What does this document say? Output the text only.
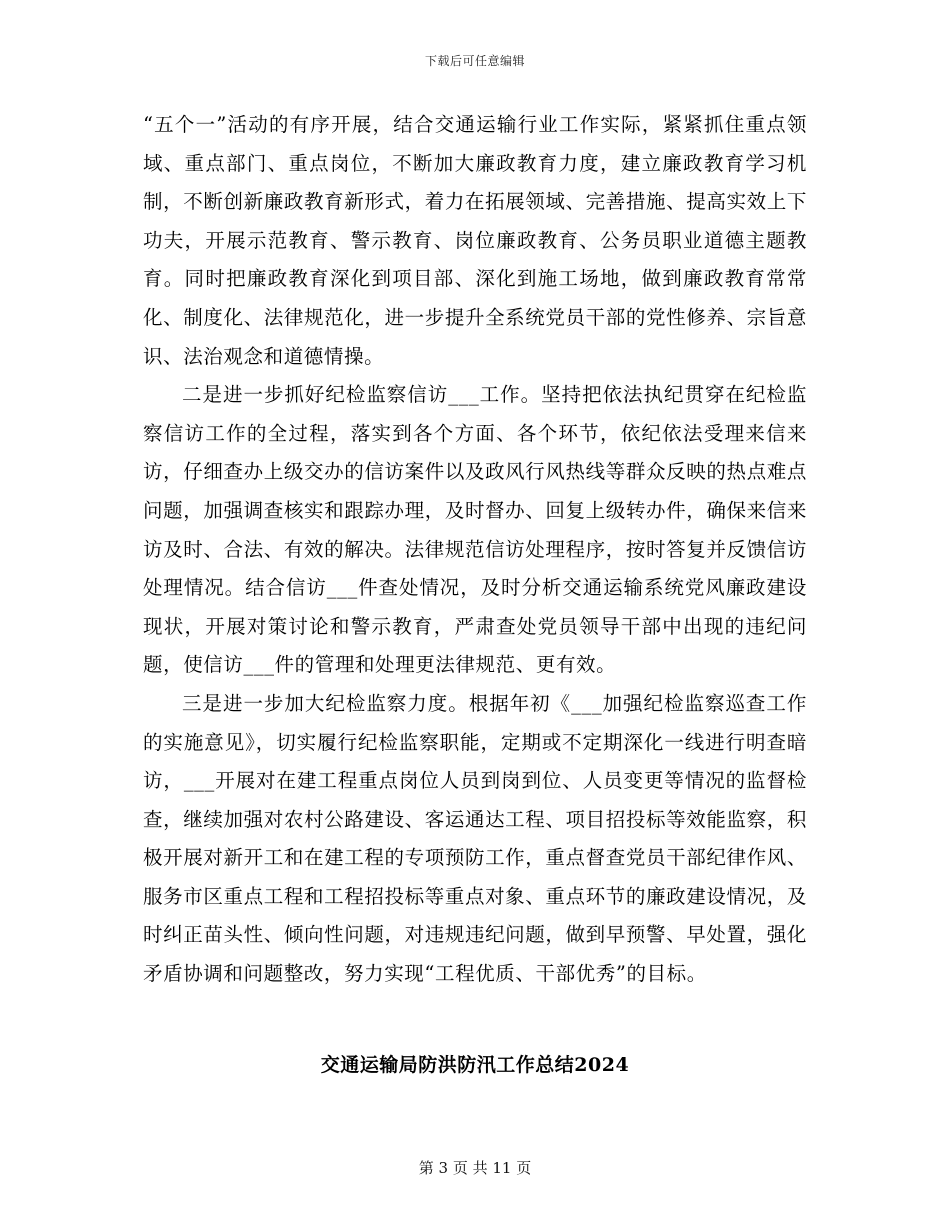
下载后可任意编辑

“五个一”活动的有序开展，结合交通运输行业工作实际，紧紧抓住重点领域、重点部门、重点岗位，不断加大廉政教育力度，建立廉政教育学习机制，不断创新廉政教育新形式，着力在拓展领域、完善措施、提高实效上下功夫，开展示范教育、警示教育、岗位廉政教育、公务员职业道德主题教育。同时把廉政教育深化到项目部、深化到施工场地，做到廉政教育常常化、制度化、法律规范化，进一步提升全系统党员干部的党性修养、宗旨意识、法治观念和道德情操。

二是进一步抓好纪检监察信访___工作。坚持把依法执纪贯穿在纪检监察信访工作的全过程，落实到各个方面、各个环节，依纪依法受理来信来访，仔细查办上级交办的信访案件以及政风行风热线等群众反映的热点难点问题，加强调查核实和跟踪办理，及时督办、回复上级转办件，确保来信来访及时、合法、有效的解决。法律规范信访处理程序，按时答复并反馈信访处理情况。结合信访___件查处情况，及时分析交通运输系统党风廉政建设现状，开展对策讨论和警示教育，严肃查处党员领导干部中出现的违纪问题，使信访___件的管理和处理更法律规范、更有效。

三是进一步加大纪检监察力度。根据年初《___加强纪检监察巡查工作的实施意见》，切实履行纪检监察职能，定期或不定期深化一线进行明查暗访，___开展对在建工程重点岗位人员到岗到位、人员变更等情况的监督检查，继续加强对农村公路建设、客运通达工程、项目招投标等效能监察，积极开展对新开工和在建工程的专项预防工作，重点督查党员干部纪律作风、服务市区重点工程和工程招投标等重点对象、重点环节的廉政建设情况，及时纠正苗头性、倾向性问题，对违规违纪问题，做到早预警、早处置，强化矛盾协调和问题整改，努力实现“工程优质、干部优秀”的目标。

交通运输局防洪防汛工作总结2024
第 3 页 共 11 页
